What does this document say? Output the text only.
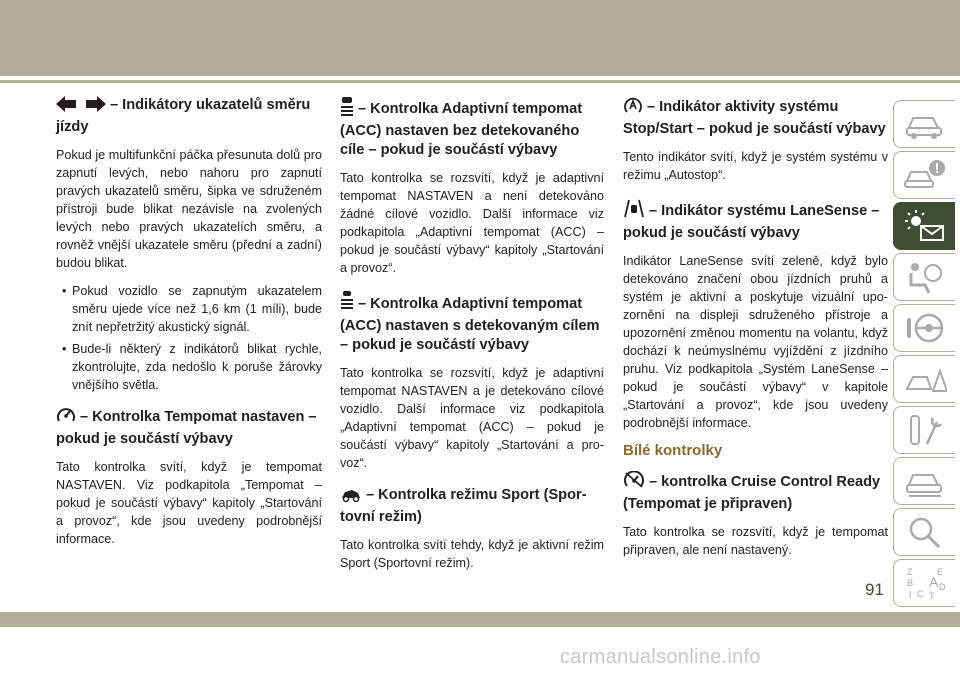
– Indikátory ukazatelů směru jízdy

Pokud je multifunkční páčka přesunuta dolů pro zapnutí levých, nebo nahoru pro zapnutí pravých ukazatelů směru, šipka ve sdruženém přístroji bude blikat nezávisle na zvolených levých nebo pravých ukazatelích směru, a rovněž vnější ukazatele směru (přední a zadní) budou blikat.

• Pokud vozidlo se zapnutým ukazatelem směru ujede více než 1,6 km (1 míli), bude znít nepřetržitý akustický signál.
• Bude-li některý z indikátorů blikat rychle, zkontrolujte, zda nedošlo k poruše žárovky vnějšího světla.
– Kontrolka Tempomat nastaven – pokud je součástí výbavy

Tato kontrolka svítí, když je tempomat NASTAVEN. Viz podkapitola „Tempomat – pokud je součástí výbavy“ kapitoly „Startování a provoz“, kde jsou uvedeny podrobnější informace.

– Kontrolka Adaptivní tempomat (ACC) nastaven bez detekovaného cíle – pokud je součástí výbavy

Tato kontrolka se rozsvítí, když je adaptivní tempomat NASTAVEN a není detekováno žádné cílové vozidlo. Další informace viz podkapitola „Adaptivní tempomat (ACC) – pokud je součástí výbavy“ kapitoly „Startování a provoz“.

– Kontrolka Adaptivní tempomat (ACC) nastaven s detekovaným cílem – pokud je součástí výbavy

Tato kontrolka se rozsvítí, když je adaptivní tempomat NASTAVEN a je detekováno cílové vozidlo. Další informace viz podkapitola „Adaptivní tempomat (ACC) – pokud je součástí výbavy“ kapitoly „Startování a provoz“.

– Kontrolka režimu Sport (Sportovní režim)

Tato kontrolka svítí tehdy, když je aktivní režim Sport (Sportovní režim).

– Indikátor aktivity systému Stop/Start – pokud je součástí výbavy

Tento indikátor svítí, když je systém systému v režimu „Autostop“.

– Indikátor systému LaneSense – pokud je součástí výbavy

Indikátor LaneSense svítí zeleně, když bylo detekováno značení obou jízdních pruhů a systém je aktivní a poskytuje vizuální upozornění na displeji sdruženého přístroje a upozornění změnou momentu na volantu, když dochází k neúmyslnému vyjíždění z jízdního pruhu. Viz podkapitola „Systém LaneSense – pokud je součástí výbavy“ v kapitole „Startování a provoz“, kde jsou uvedeny podrobnější informace.

Bílé kontrolky
– kontrolka Cruise Control Ready (Tempomat je připraven)

Tato kontrolka se rozsvítí, když je tempomat připraven, ale není nastavený.

Z	E
B A
C
D
I T
91
carmanualsonline.info
